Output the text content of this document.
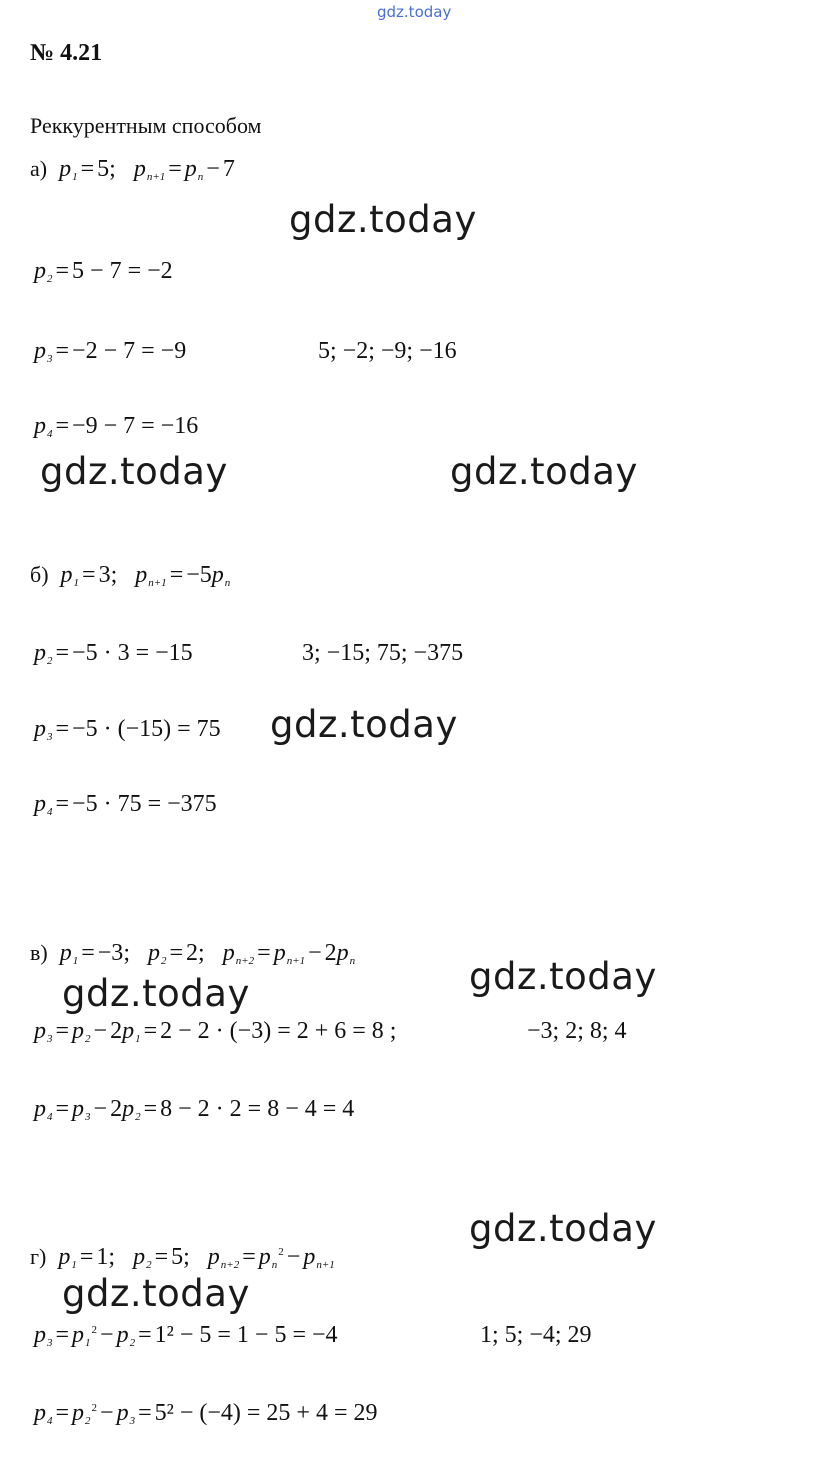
gdz.today
№ 4.21
Реккурентным способом
а) $p_1 = 5$;   $p_{n+1} = p_n - 7$
gdz.today
$p_2 = 5 - 7 = -2$
$p_3 = -2 - 7 = -9$	5; −2; −9; −16
$p_4 = -9 - 7 = -16$
gdz.today	gdz.today
б) $p_1 = 3$;   $p_{n+1} = -5p_n$
$p_2 = -5 \cdot 3 = -15$	3; −15; 75; −375
$p_3 = -5 \cdot (-15) = 75$ gdz.today
$p_4 = -5 \cdot 75 = -375$
в) $p_1 = -3$;   $p_2 = 2$;   $p_{n+2} = p_{n+1} - 2p_n$	gdz.today
gdz.today
$p_3 = p_2 - 2p_1 = 2 - 2 \cdot (-3) = 2 + 6 = 8$ ;	−3; 2; 8; 4
$p_4 = p_3 - 2p_2 = 8 - 2 \cdot 2 = 8 - 4 = 4$
gdz.today
г) $p_1 = 1$;   $p_2 = 5$;   $p_{n+2} = p_n^2 - p_{n+1}$
gdz.today
$p_3 = p_1^2 - p_2 = 1^2 - 5 = 1 - 5 = -4$	1; 5; −4; 29
$p_4 = p_2^2 - p_3 = 5^2 - (-4) = 25 + 4 = 29$
